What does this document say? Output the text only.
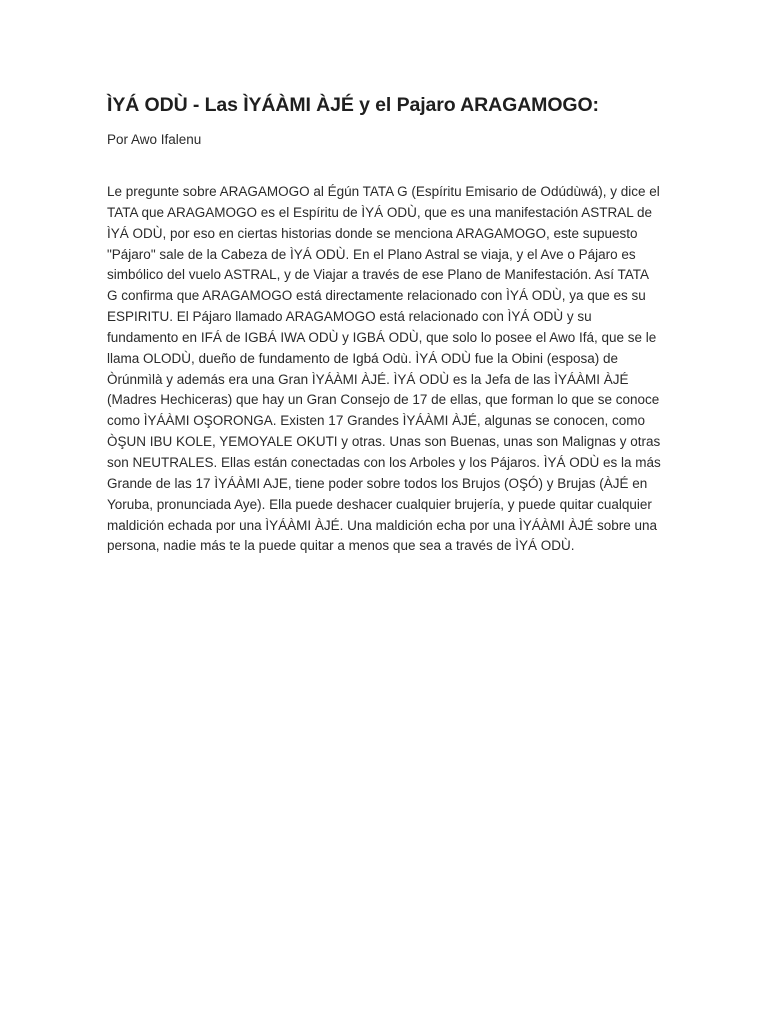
ÌYÁ ODÙ - Las ÌYÁÀMI ÀJÉ y el Pajaro ARAGAMOGO:

Por Awo Ifalenu

Le pregunte sobre ARAGAMOGO al Égún TATA G (Espíritu Emisario de Odúdùwá), y dice el TATA que ARAGAMOGO es el Espíritu de ÌYÁ ODÙ, que es una manifestación ASTRAL de ÌYÁ ODÙ, por eso en ciertas historias donde se menciona ARAGAMOGO, este supuesto "Pájaro" sale de la Cabeza de ÌYÁ ODÙ. En el Plano Astral se viaja, y el Ave o Pájaro es simbólico del vuelo ASTRAL, y de Viajar a través de ese Plano de Manifestación. Así TATA G confirma que ARAGAMOGO está directamente relacionado con ÌYÁ ODÙ, ya que es su ESPIRITU. El Pájaro llamado ARAGAMOGO está relacionado con ÌYÁ ODÙ y su fundamento en IFÁ de IGBÁ IWA ODÙ y IGBÁ ODÙ, que solo lo posee el Awo Ifá, que se le llama OLODÙ, dueño de fundamento de Igbá Odù. ÌYÁ ODÙ fue la Obini (esposa) de Òrúnmìlà y además era una Gran ÌYÁÀMI ÀJÉ. ÌYÁ ODÙ es la Jefa de las ÌYÁÀMI ÀJÉ (Madres Hechiceras) que hay un Gran Consejo de 17 de ellas, que forman lo que se conoce como ÌYÁÀMI OŞORONGA. Existen 17 Grandes ÌYÁÀMI ÀJÉ, algunas se conocen, como ÒŞUN IBU KOLE, YEMOYALE OKUTI y otras. Unas son Buenas, unas son Malignas y otras son NEUTRALES. Ellas están conectadas con los Arboles y los Pájaros. ÌYÁ ODÙ es la más Grande de las 17 ÌYÁÀMI AJE, tiene poder sobre todos los Brujos (OŞÓ) y Brujas (ÀJÉ en Yoruba, pronunciada Aye). Ella puede deshacer cualquier brujería, y puede quitar cualquier maldición echada por una ÌYÁÀMI ÀJÉ. Una maldición echa por una ÌYÁÀMI ÀJÉ sobre una persona, nadie más te la puede quitar a menos que sea a través de ÌYÁ ODÙ.
